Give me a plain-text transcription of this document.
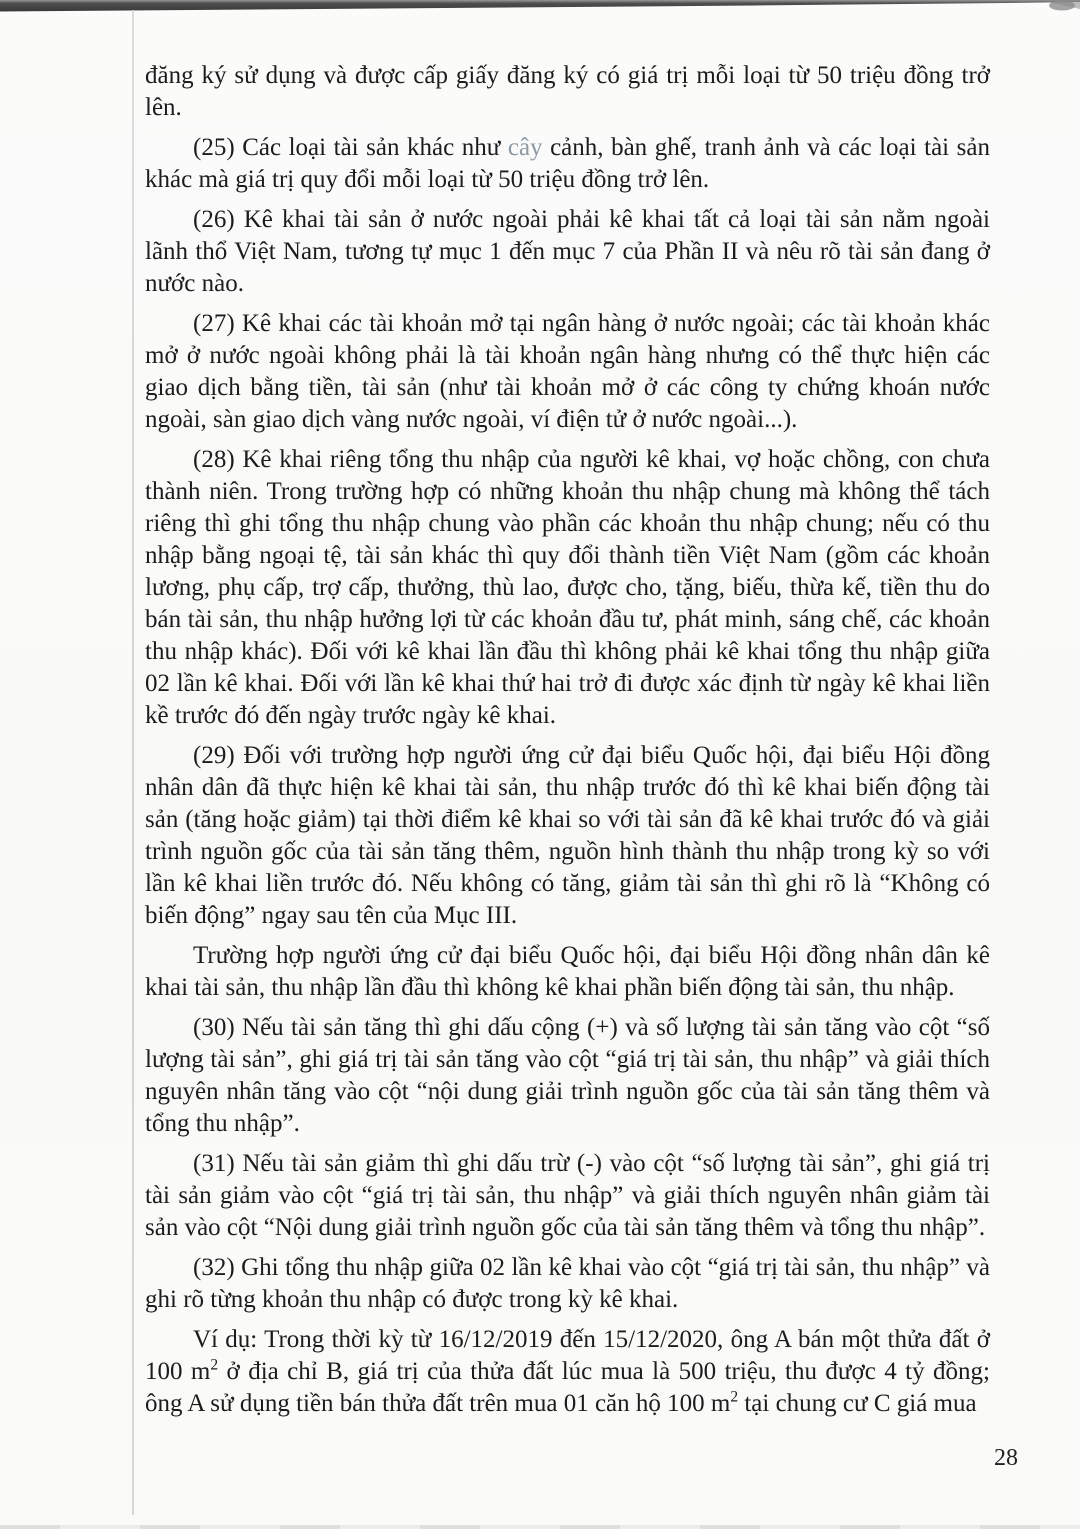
đăng ký sử dụng và được cấp giấy đăng ký có giá trị mỗi loại từ 50 triệu đồng trở lên.

(25) Các loại tài sản khác như cây cảnh, bàn ghế, tranh ảnh và các loại tài sản khác mà giá trị quy đổi mỗi loại từ 50 triệu đồng trở lên.

(26) Kê khai tài sản ở nước ngoài phải kê khai tất cả loại tài sản nằm ngoài lãnh thổ Việt Nam, tương tự mục 1 đến mục 7 của Phần II và nêu rõ tài sản đang ở nước nào.

(27) Kê khai các tài khoản mở tại ngân hàng ở nước ngoài; các tài khoản khác mở ở nước ngoài không phải là tài khoản ngân hàng nhưng có thể thực hiện các giao dịch bằng tiền, tài sản (như tài khoản mở ở các công ty chứng khoán nước ngoài, sàn giao dịch vàng nước ngoài, ví điện tử ở nước ngoài...).

(28) Kê khai riêng tổng thu nhập của người kê khai, vợ hoặc chồng, con chưa thành niên. Trong trường hợp có những khoản thu nhập chung mà không thể tách riêng thì ghi tổng thu nhập chung vào phần các khoản thu nhập chung; nếu có thu nhập bằng ngoại tệ, tài sản khác thì quy đổi thành tiền Việt Nam (gồm các khoản lương, phụ cấp, trợ cấp, thưởng, thù lao, được cho, tặng, biếu, thừa kế, tiền thu do bán tài sản, thu nhập hưởng lợi từ các khoản đầu tư, phát minh, sáng chế, các khoản thu nhập khác). Đối với kê khai lần đầu thì không phải kê khai tổng thu nhập giữa 02 lần kê khai. Đối với lần kê khai thứ hai trở đi được xác định từ ngày kê khai liền kề trước đó đến ngày trước ngày kê khai.

(29) Đối với trường hợp người ứng cử đại biểu Quốc hội, đại biểu Hội đồng nhân dân đã thực hiện kê khai tài sản, thu nhập trước đó thì kê khai biến động tài sản (tăng hoặc giảm) tại thời điểm kê khai so với tài sản đã kê khai trước đó và giải trình nguồn gốc của tài sản tăng thêm, nguồn hình thành thu nhập trong kỳ so với lần kê khai liền trước đó. Nếu không có tăng, giảm tài sản thì ghi rõ là “Không có biến động” ngay sau tên của Mục III.

Trường hợp người ứng cử đại biểu Quốc hội, đại biểu Hội đồng nhân dân kê khai tài sản, thu nhập lần đầu thì không kê khai phần biến động tài sản, thu nhập.

(30) Nếu tài sản tăng thì ghi dấu cộng (+) và số lượng tài sản tăng vào cột “số lượng tài sản”, ghi giá trị tài sản tăng vào cột “giá trị tài sản, thu nhập” và giải thích nguyên nhân tăng vào cột “nội dung giải trình nguồn gốc của tài sản tăng thêm và tổng thu nhập”.

(31) Nếu tài sản giảm thì ghi dấu trừ (-) vào cột “số lượng tài sản”, ghi giá trị tài sản giảm vào cột “giá trị tài sản, thu nhập” và giải thích nguyên nhân giảm tài sản vào cột “Nội dung giải trình nguồn gốc của tài sản tăng thêm và tổng thu nhập”.

(32) Ghi tổng thu nhập giữa 02 lần kê khai vào cột “giá trị tài sản, thu nhập” và ghi rõ từng khoản thu nhập có được trong kỳ kê khai.

Ví dụ: Trong thời kỳ từ 16/12/2019 đến 15/12/2020, ông A bán một thửa đất ở 100 $m^2$ ở địa chỉ B, giá trị của thửa đất lúc mua là 500 triệu, thu được 4 tỷ đồng; ông A sử dụng tiền bán thửa đất trên mua 01 căn hộ 100 $m^2$ tại chung cư C giá mua

28
